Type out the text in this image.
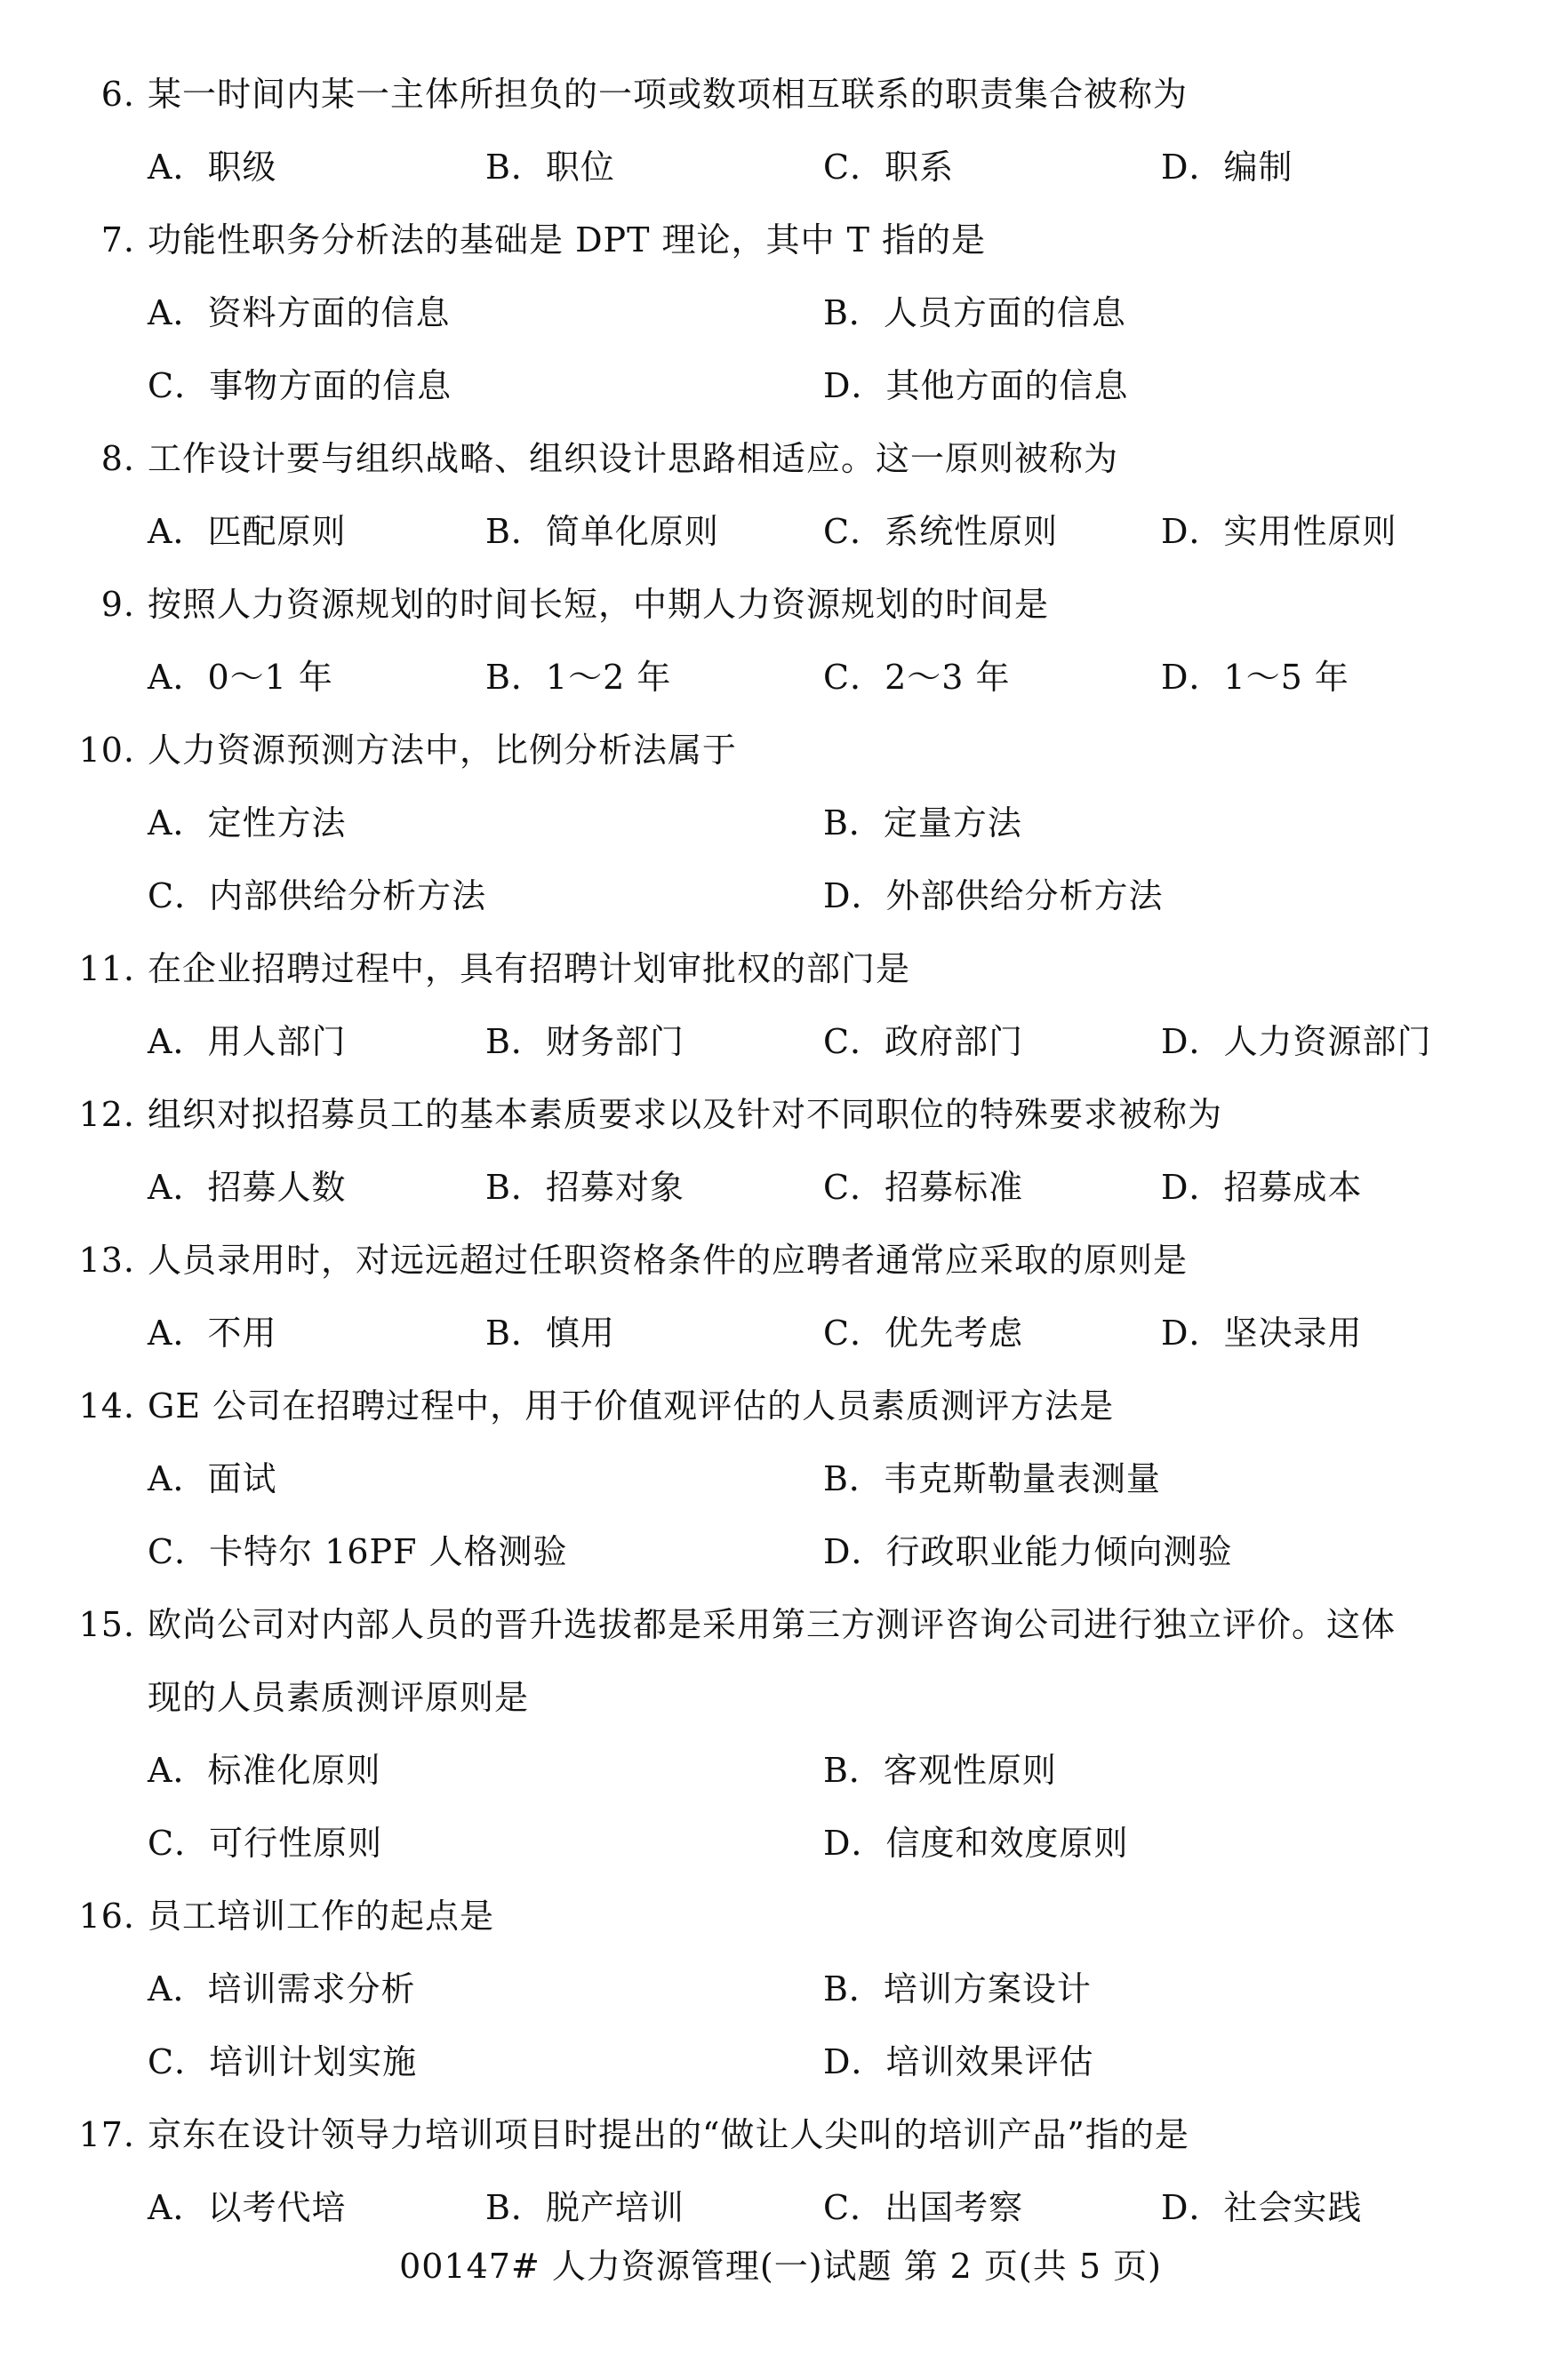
6. 某一时间内某一主体所担负的一项或数项相互联系的职责集合被称为
A．职级	B．职位	C．职系	D．编制
7. 功能性职务分析法的基础是 DPT 理论，其中 T 指的是
A．资料方面的信息	B．人员方面的信息
C．事物方面的信息	D．其他方面的信息
8. 工作设计要与组织战略、组织设计思路相适应。这一原则被称为
A．匹配原则	B．简单化原则	C．系统性原则	D．实用性原则
9. 按照人力资源规划的时间长短，中期人力资源规划的时间是
A．0～1 年	B．1～2 年	C．2～3 年	D．1～5 年
10. 人力资源预测方法中，比例分析法属于
A．定性方法	B．定量方法
C．内部供给分析方法	D．外部供给分析方法
11. 在企业招聘过程中，具有招聘计划审批权的部门是
A．用人部门	B．财务部门	C．政府部门	D．人力资源部门
12. 组织对拟招募员工的基本素质要求以及针对不同职位的特殊要求被称为
A．招募人数	B．招募对象	C．招募标准	D．招募成本
13. 人员录用时，对远远超过任职资格条件的应聘者通常应采取的原则是
A．不用	B．慎用	C．优先考虑	D．坚决录用
14. GE 公司在招聘过程中，用于价值观评估的人员素质测评方法是
A．面试	B．韦克斯勒量表测量
C．卡特尔 16PF 人格测验	D．行政职业能力倾向测验
15. 欧尚公司对内部人员的晋升选拔都是采用第三方测评咨询公司进行独立评价。这体
现的人员素质测评原则是
A．标准化原则	B．客观性原则
C．可行性原则	D．信度和效度原则
16. 员工培训工作的起点是
A．培训需求分析	B．培训方案设计
C．培训计划实施	D．培训效果评估
17. 京东在设计领导力培训项目时提出的“做让人尖叫的培训产品”指的是
A．以考代培	B．脱产培训	C．出国考察	D．社会实践
00147# 人力资源管理(一)试题 第 2 页(共 5 页)
